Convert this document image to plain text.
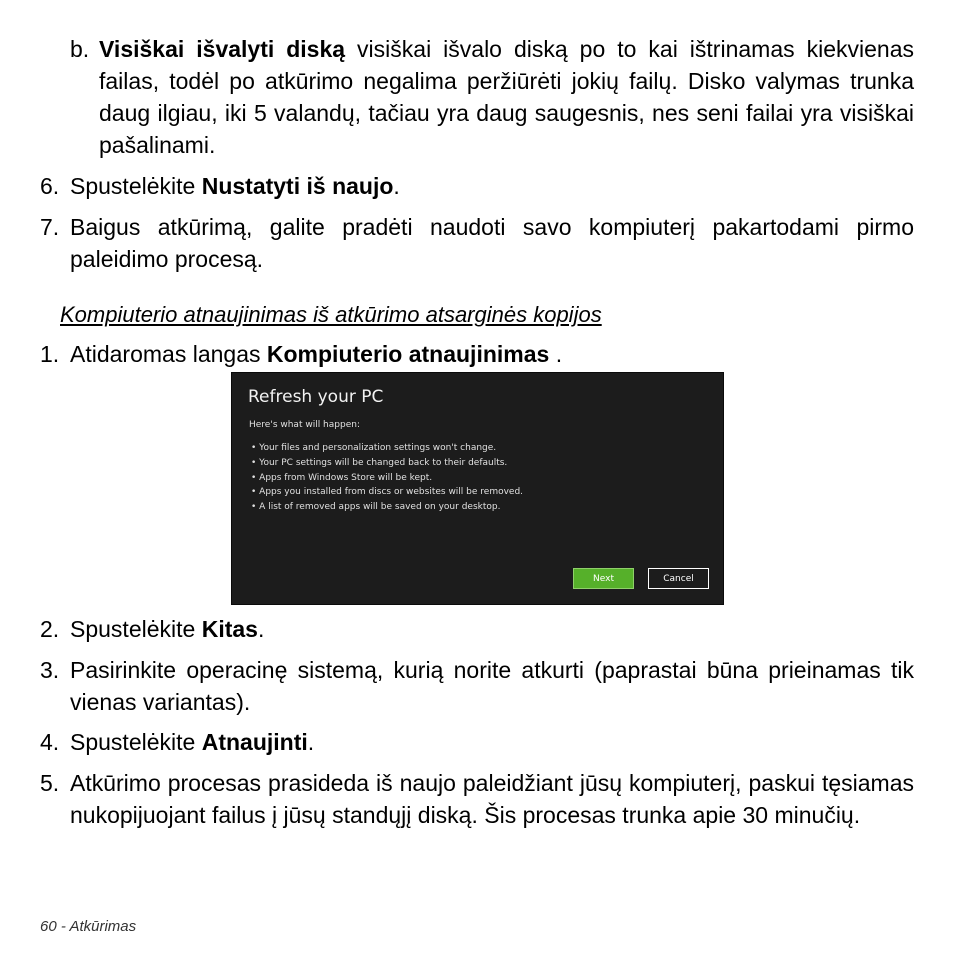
b. Visiškai išvalyti diską visiškai išvalo diską po to kai ištrinamas kiekvienas failas, todėl po atkūrimo negalima peržiūrėti jokių failų. Disko valymas trunka daug ilgiau, iki 5 valandų, tačiau yra daug saugesnis, nes seni failai yra visiškai pašalinami.
6. Spustelėkite Nustatyti iš naujo.
7. Baigus atkūrimą, galite pradėti naudoti savo kompiuterį pakartodami pirmo paleidimo procesą.
Kompiuterio atnaujinimas iš atkūrimo atsarginės kopijos
1. Atidaromas langas Kompiuterio atnaujinimas .
Refresh your PC
Here's what will happen:
• Your files and personalization settings won't change.
• Your PC settings will be changed back to their defaults.
• Apps from Windows Store will be kept.
• Apps you installed from discs or websites will be removed.
• A list of removed apps will be saved on your desktop.
Next	Cancel
2. Spustelėkite Kitas.
3. Pasirinkite operacinę sistemą, kurią norite atkurti (paprastai būna prieinamas tik vienas variantas).
4. Spustelėkite Atnaujinti.
5. Atkūrimo procesas prasideda iš naujo paleidžiant jūsų kompiuterį, paskui tęsiamas nukopijuojant failus į jūsų standųjį diską. Šis procesas trunka apie 30 minučių.
60 - Atkūrimas
